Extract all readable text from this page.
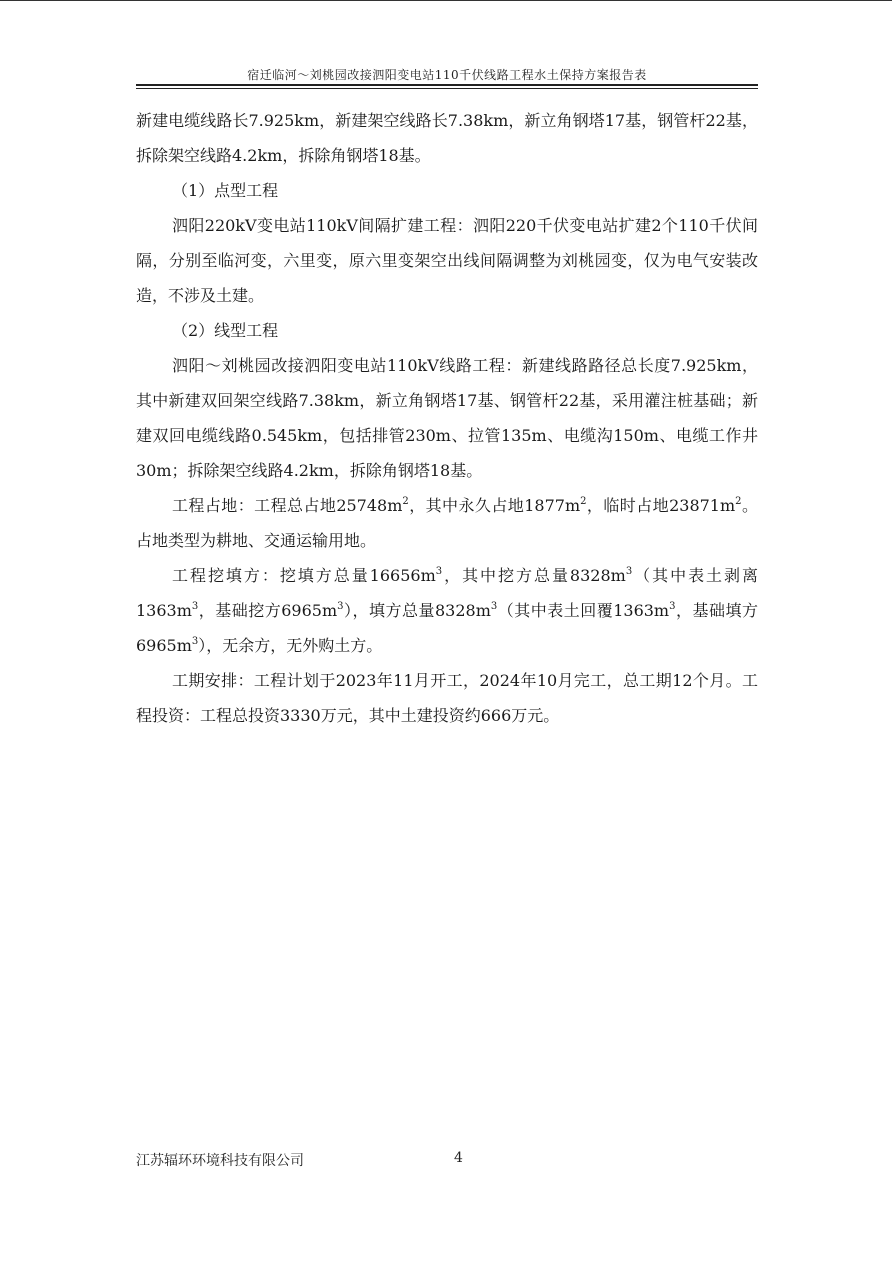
宿迁临河～刘桃园改接泗阳变电站110千伏线路工程水土保持方案报告表

新建电缆线路长7.925km，新建架空线路长7.38km，新立角钢塔17基，钢管杆22基，拆除架空线路4.2km，拆除角钢塔18基。

（1）点型工程

泗阳220kV变电站110kV间隔扩建工程：泗阳220千伏变电站扩建2个110千伏间隔，分别至临河变，六里变，原六里变架空出线间隔调整为刘桃园变，仅为电气安装改造，不涉及土建。

（2）线型工程

泗阳～刘桃园改接泗阳变电站110kV线路工程：新建线路路径总长度7.925km，其中新建双回架空线路7.38km，新立角钢塔17基、钢管杆22基，采用灌注桩基础；新建双回电缆线路0.545km，包括排管230m、拉管135m、电缆沟150m、电缆工作井30m；拆除架空线路4.2km，拆除角钢塔18基。

工程占地：工程总占地$25748m^2$，其中永久占地$1877m^2$，临时占地$23871m^2$。占地类型为耕地、交通运输用地。

工程挖填方：挖填方总量$16656m^3$，其中挖方总量$8328m^3$（其中表土剥离$1363m^3$，基础挖方$6965m^3$），填方总量$8328m^3$（其中表土回覆$1363m^3$，基础填方$6965m^3$），无余方，无外购土方。

工期安排：工程计划于2023年11月开工，2024年10月完工，总工期12个月。工程投资：工程总投资3330万元，其中土建投资约666万元。

江苏辐环环境科技有限公司	4
